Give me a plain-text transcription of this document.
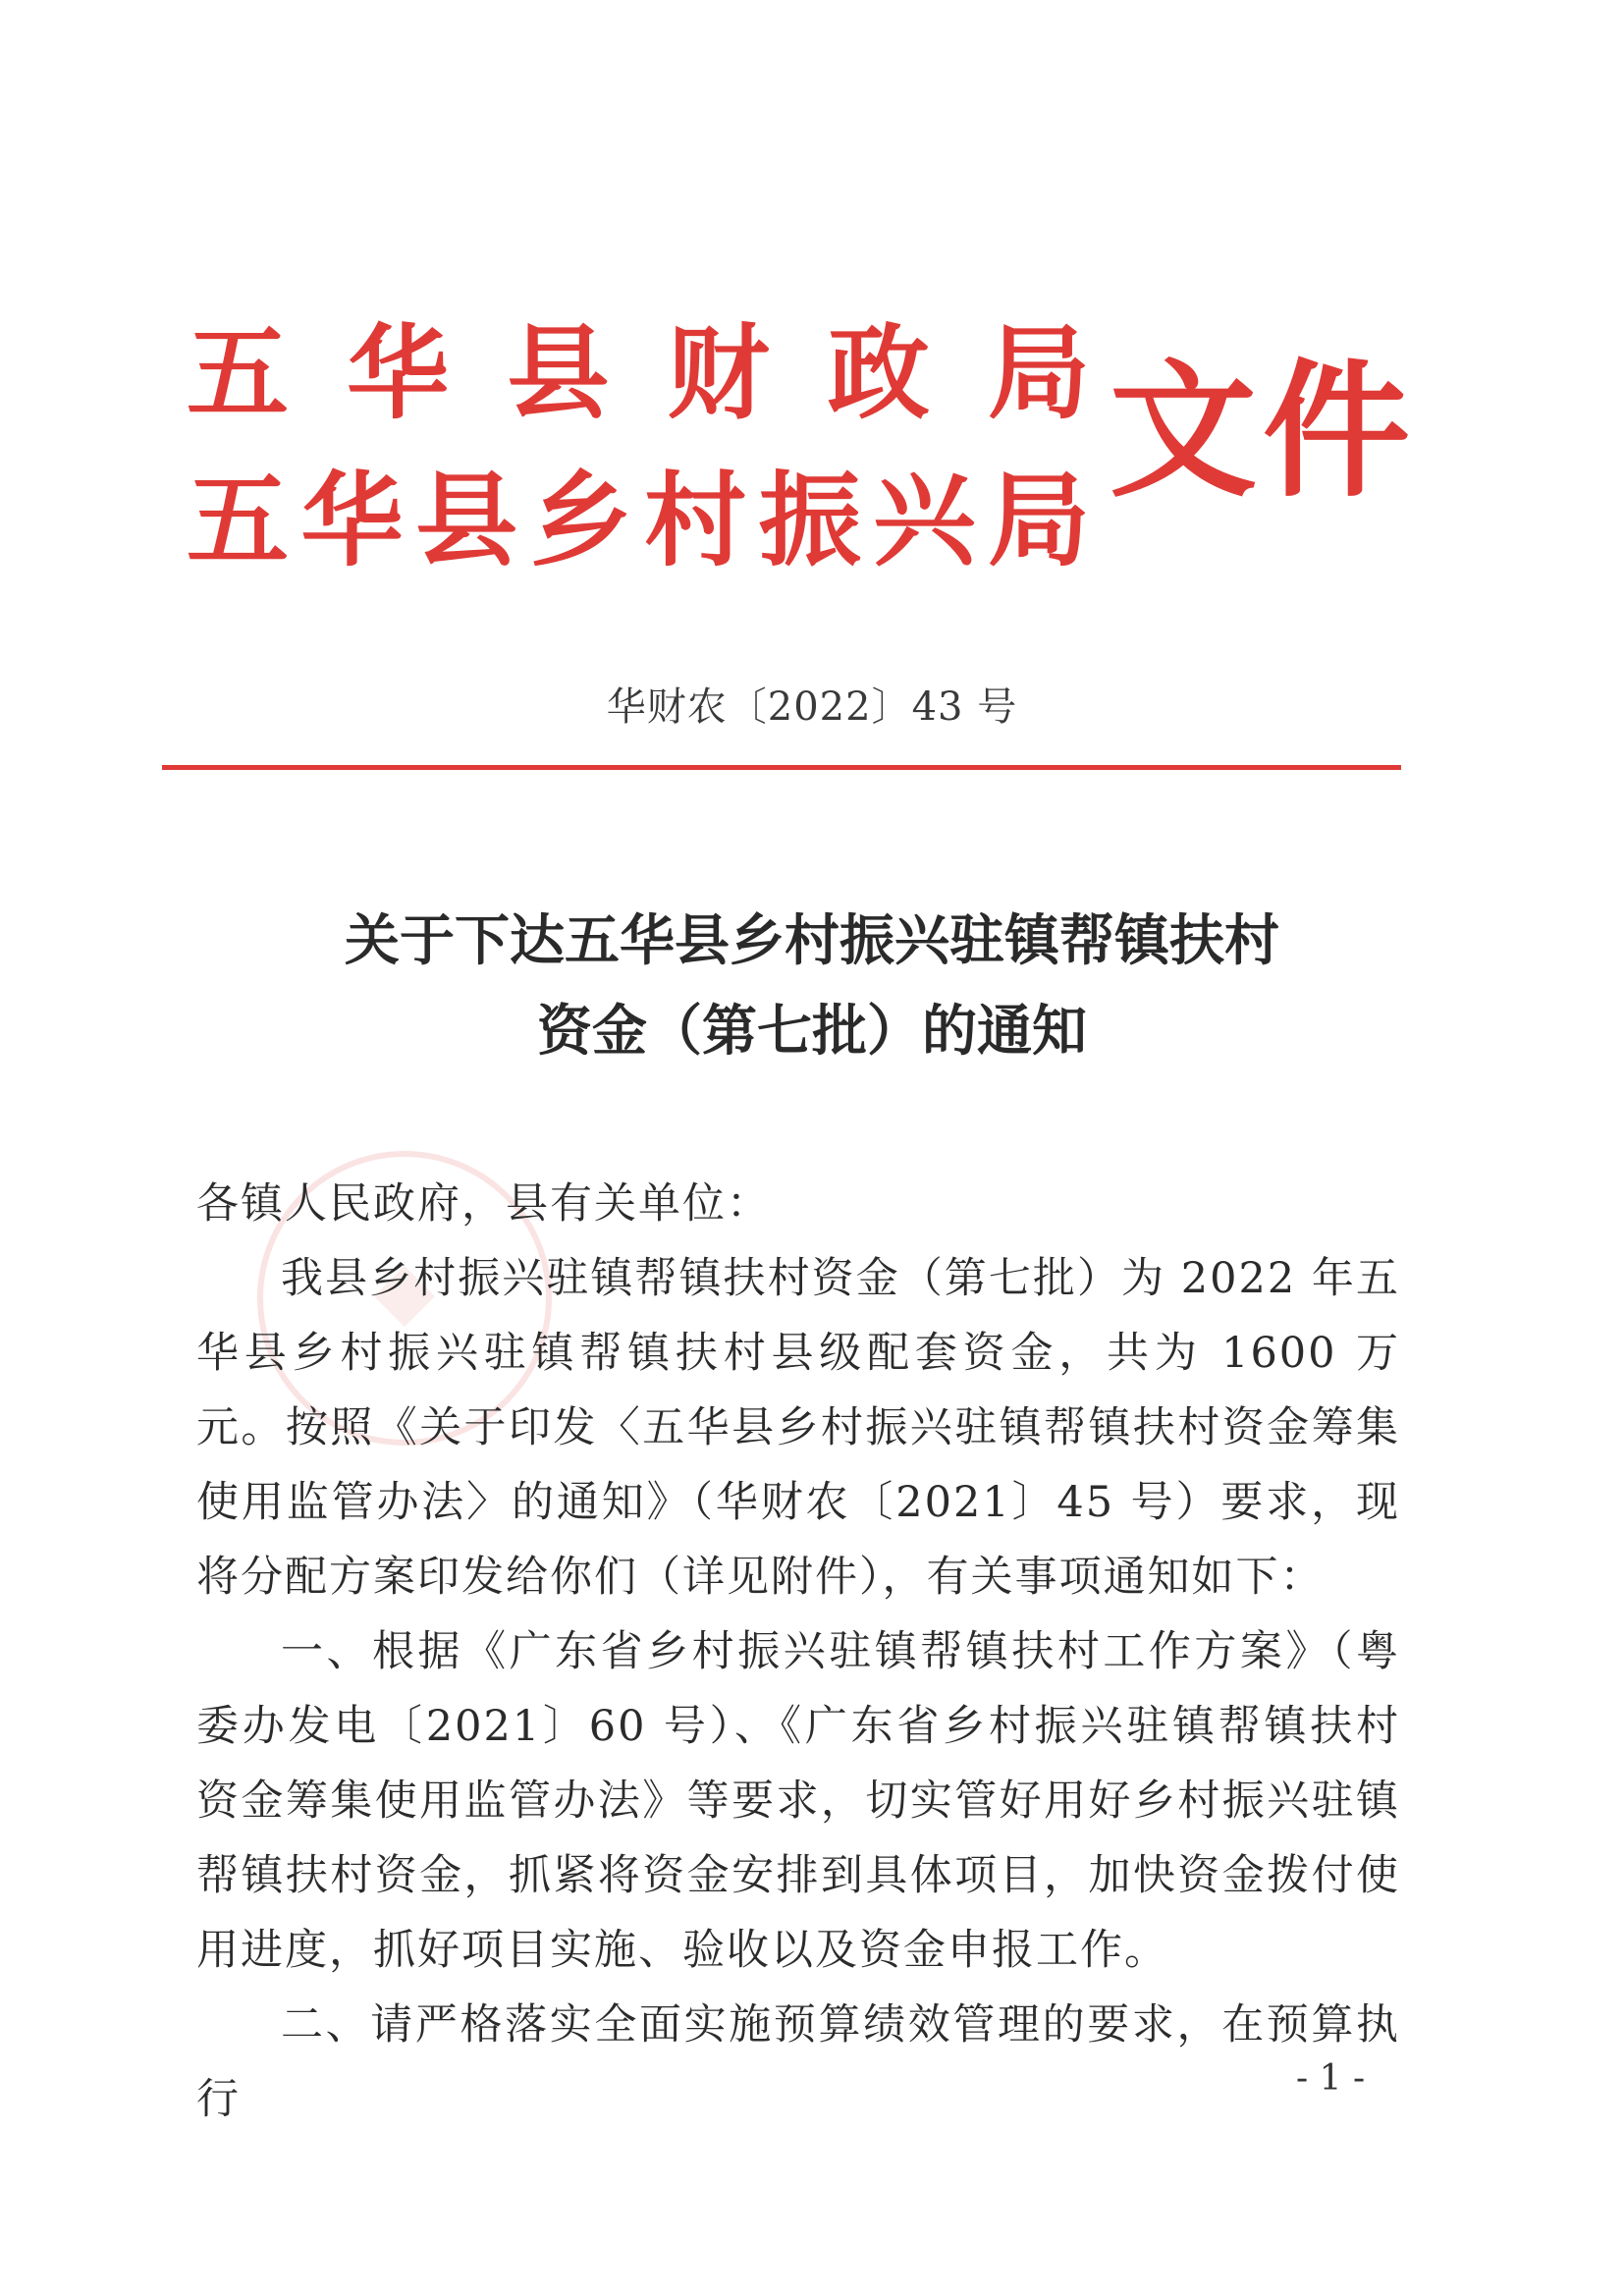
五 华 县 财 政 局
五 华 县 乡 村 振 兴 局
文件
华财农〔2022〕43 号
关于下达五华县乡村振兴驻镇帮镇扶村
资金（第七批）的通知

各镇人民政府，县有关单位：

我县乡村振兴驻镇帮镇扶村资金（第七批）为 2022 年五华县乡村振兴驻镇帮镇扶村县级配套资金，共为 1600 万元。按照《关于印发〈五华县乡村振兴驻镇帮镇扶村资金筹集使用监管办法〉的通知》（华财农〔2021〕45 号）要求，现将分配方案印发给你们（详见附件），有关事项通知如下：

一、根据《广东省乡村振兴驻镇帮镇扶村工作方案》（粤委办发电〔2021〕60 号）、《广东省乡村振兴驻镇帮镇扶村资金筹集使用监管办法》等要求，切实管好用好乡村振兴驻镇帮镇扶村资金，抓紧将资金安排到具体项目，加快资金拨付使用进度，抓好项目实施、验收以及资金申报工作。

二、请严格落实全面实施预算绩效管理的要求，在预算执行	- 1 -
